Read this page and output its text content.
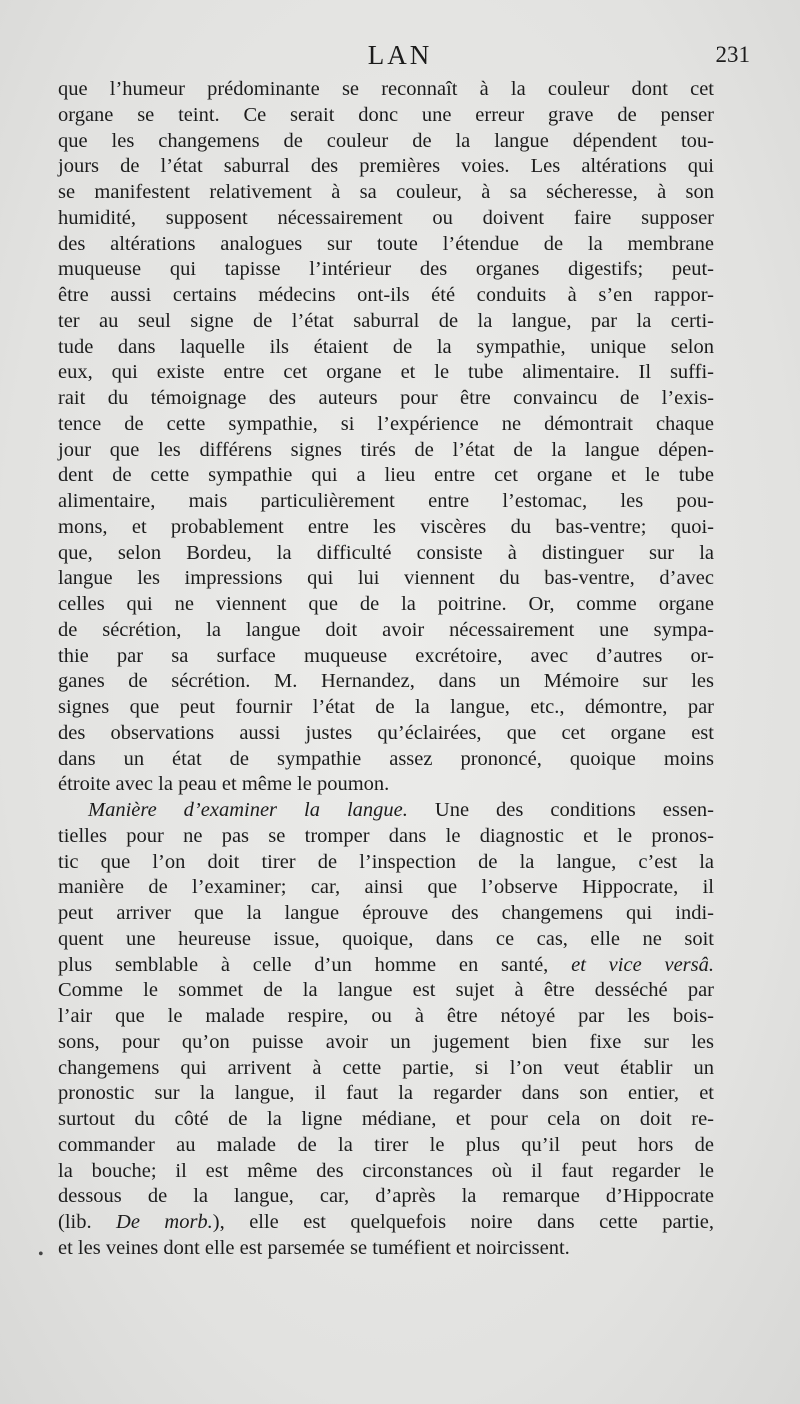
LAN	231
que l’humeur prédominante se reconnaît à la couleur dont cet
organe se teint. Ce serait donc une erreur grave de penser
que les changemens de couleur de la langue dépendent tou-
jours de l’état saburral des premières voies. Les altérations qui
se manifestent relativement à sa couleur, à sa sécheresse, à son
humidité, supposent nécessairement ou doivent faire supposer
des altérations analogues sur toute l’étendue de la membrane
muqueuse qui tapisse l’intérieur des organes digestifs; peut-
être aussi certains médecins ont-ils été conduits à s’en rappor-
ter au seul signe de l’état saburral de la langue, par la certi-
tude dans laquelle ils étaient de la sympathie, unique selon
eux, qui existe entre cet organe et le tube alimentaire. Il suffi-
rait du témoignage des auteurs pour être convaincu de l’exis-
tence de cette sympathie, si l’expérience ne démontrait chaque
jour que les différens signes tirés de l’état de la langue dépen-
dent de cette sympathie qui a lieu entre cet organe et le tube
alimentaire, mais particulièrement entre l’estomac, les pou-
mons, et probablement entre les viscères du bas-ventre; quoi-
que, selon Bordeu, la difficulté consiste à distinguer sur la
langue les impressions qui lui viennent du bas-ventre, d’avec
celles qui ne viennent que de la poitrine. Or, comme organe
de sécrétion, la langue doit avoir nécessairement une sympa-
thie par sa surface muqueuse excrétoire, avec d’autres or-
ganes de sécrétion. M. Hernandez, dans un Mémoire sur les
signes que peut fournir l’état de la langue, etc., démontre, par
des observations aussi justes qu’éclairées, que cet organe est
dans un état de sympathie assez prononcé, quoique moins
étroite avec la peau et même le poumon.
Manière d’examiner la langue. Une des conditions essen-
tielles pour ne pas se tromper dans le diagnostic et le pronos-
tic que l’on doit tirer de l’inspection de la langue, c’est la
manière de l’examiner; car, ainsi que l’observe Hippocrate, il
peut arriver que la langue éprouve des changemens qui indi-
quent une heureuse issue, quoique, dans ce cas, elle ne soit
plus semblable à celle d’un homme en santé, et vice versâ.
Comme le sommet de la langue est sujet à être desséché par
l’air que le malade respire, ou à être nétoyé par les bois-
sons, pour qu’on puisse avoir un jugement bien fixe sur les
changemens qui arrivent à cette partie, si l’on veut établir un
pronostic sur la langue, il faut la regarder dans son entier, et
surtout du côté de la ligne médiane, et pour cela on doit re-
commander au malade de la tirer le plus qu’il peut hors de
la bouche; il est même des circonstances où il faut regarder le
dessous de la langue, car, d’après la remarque d’Hippocrate
(lib. De morb.), elle est quelquefois noire dans cette partie,
et les veines dont elle est parsemée se tuméfient et noircissent.
•
